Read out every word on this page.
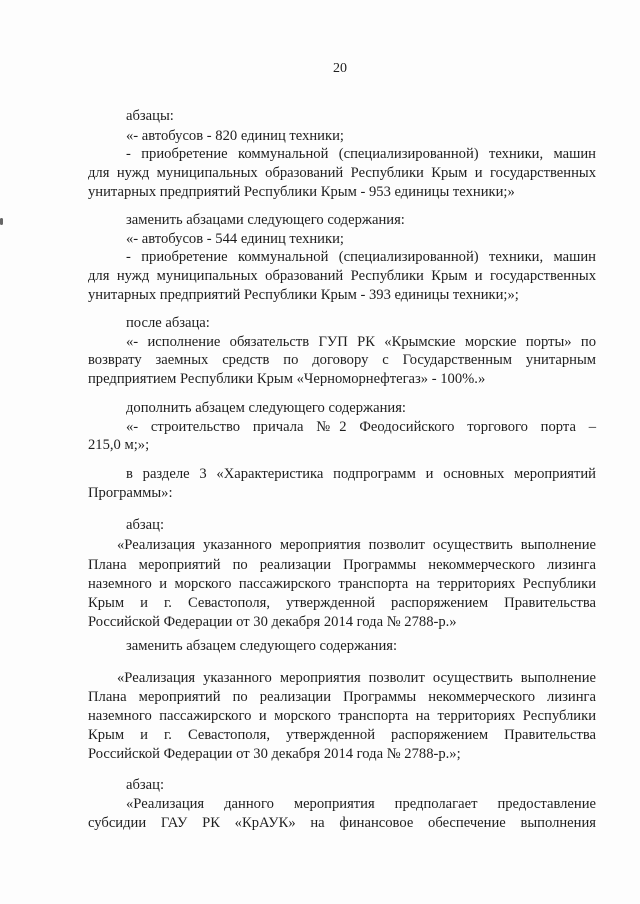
20
абзацы:
«- автобусов - 820 единиц техники;
- приобретение коммунальной (специализированной) техники, машин
для нужд муниципальных образований Республики Крым и государственных
унитарных предприятий Республики Крым - 953 единицы техники;»
заменить абзацами следующего содержания:
«- автобусов - 544 единиц техники;
- приобретение коммунальной (специализированной) техники, машин
для нужд муниципальных образований Республики Крым и государственных
унитарных предприятий Республики Крым - 393 единицы техники;»;
после абзаца:
«- исполнение обязательств ГУП РК «Крымские морские порты» по
возврату заемных средств по договору с Государственным унитарным
предприятием Республики Крым «Черноморнефтегаз» - 100%.»
дополнить абзацем следующего содержания:
«- строительство причала №2 Феодосийского торгового порта –
215,0 м;»;
в разделе 3 «Характеристика подпрограмм и основных мероприятий
Программы»:
абзац:
«Реализация указанного мероприятия позволит осуществить выполнение
Плана мероприятий по реализации Программы некоммерческого лизинга
наземного и морского пассажирского транспорта на территориях Республики
Крым и г. Севастополя, утвержденной распоряжением Правительства
Российской Федерации от 30 декабря 2014 года № 2788-р.»
заменить абзацем следующего содержания:
«Реализация указанного мероприятия позволит осуществить выполнение
Плана мероприятий по реализации Программы некоммерческого лизинга
наземного пассажирского и морского транспорта на территориях Республики
Крым и г. Севастополя, утвержденной распоряжением Правительства
Российской Федерации от 30 декабря 2014 года № 2788-р.»;
абзац:
«Реализация данного мероприятия предполагает предоставление
субсидии ГАУ РК «КрАУК» на финансовое обеспечение выполнения
